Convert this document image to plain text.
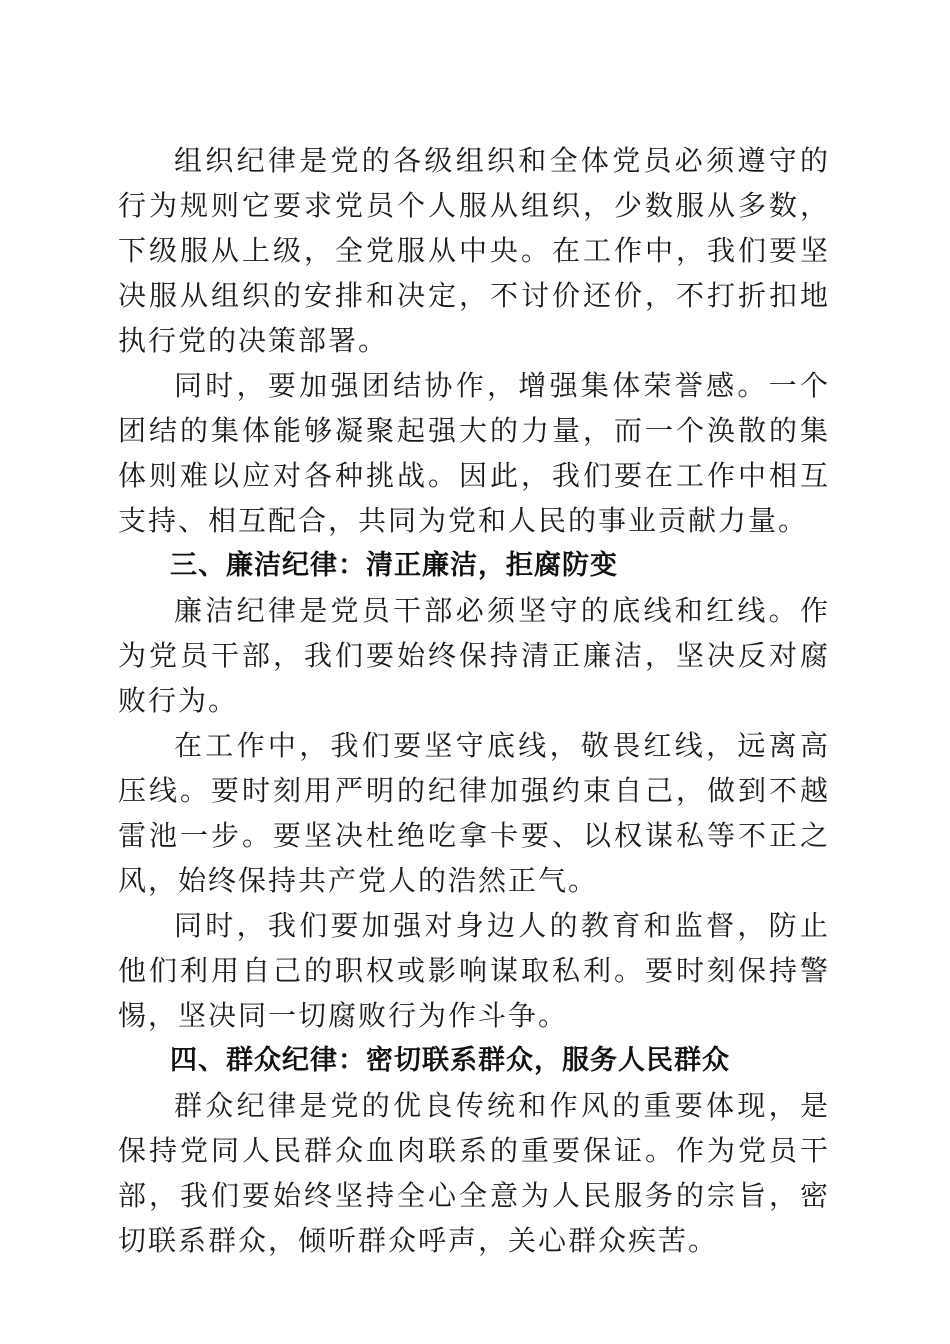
组织纪律是党的各级组织和全体党员必须遵守的行为规则它要求党员个人服从组织，少数服从多数，下级服从上级，全党服从中央。在工作中，我们要坚决服从组织的安排和决定，不讨价还价，不打折扣地执行党的决策部署。

同时，要加强团结协作，增强集体荣誉感。一个团结的集体能够凝聚起强大的力量，而一个涣散的集体则难以应对各种挑战。因此，我们要在工作中相互支持、相互配合，共同为党和人民的事业贡献力量。

三、廉洁纪律：清正廉洁，拒腐防变

廉洁纪律是党员干部必须坚守的底线和红线。作为党员干部，我们要始终保持清正廉洁，坚决反对腐败行为。

在工作中，我们要坚守底线，敬畏红线，远离高压线。要时刻用严明的纪律加强约束自己，做到不越雷池一步。要坚决杜绝吃拿卡要、以权谋私等不正之风，始终保持共产党人的浩然正气。

同时，我们要加强对身边人的教育和监督，防止他们利用自己的职权或影响谋取私利。要时刻保持警惕，坚决同一切腐败行为作斗争。

四、群众纪律：密切联系群众，服务人民群众

群众纪律是党的优良传统和作风的重要体现，是保持党同人民群众血肉联系的重要保证。作为党员干部，我们要始终坚持全心全意为人民服务的宗旨，密切联系群众，倾听群众呼声，关心群众疾苦。
